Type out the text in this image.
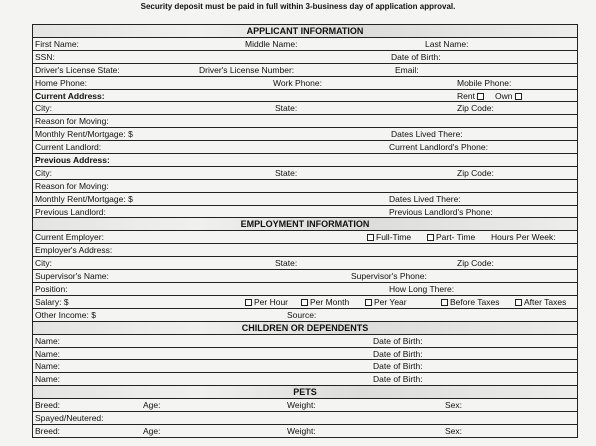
Security deposit must be paid in full within 3-business day of application approval.
APPLICANT INFORMATION
First Name:	Middle Name:	Last Name:
SSN:	Date of Birth:
Driver's License State:	Driver's License Number:	Email:
Home Phone:	Work Phone:	Mobile Phone:
Current Address:	Rent	Own
City:	State:	Zip Code:
Reason for Moving:
Monthly Rent/Mortgage: $	Dates Lived There:
Current Landlord:	Current Landlord's Phone:
Previous Address:
City:	State:	Zip Code:
Reason for Moving:
Monthly Rent/Mortgage: $	Dates Lived There:
Previous Landlord:	Previous Landlord's Phone:
EMPLOYMENT INFORMATION
Current Employer:	Full-Time	Part- Time Hours Per Week:
Employer's Address:
City:	State:	Zip Code:
Supervisor's Name:	Supervisor's Phone:
Position:	How Long There:
Salary: $	Per Hour	Per Month	Per Year	Before Taxes	After Taxes
Other Income: $	Source:
CHILDREN OR DEPENDENTS
Name:	Date of Birth:
Name:	Date of Birth:
Name:	Date of Birth:
Name:	Date of Birth:
PETS
Breed:	Age:	Weight:	Sex:
Spayed/Neutered:
Breed:	Age:	Weight:	Sex:
